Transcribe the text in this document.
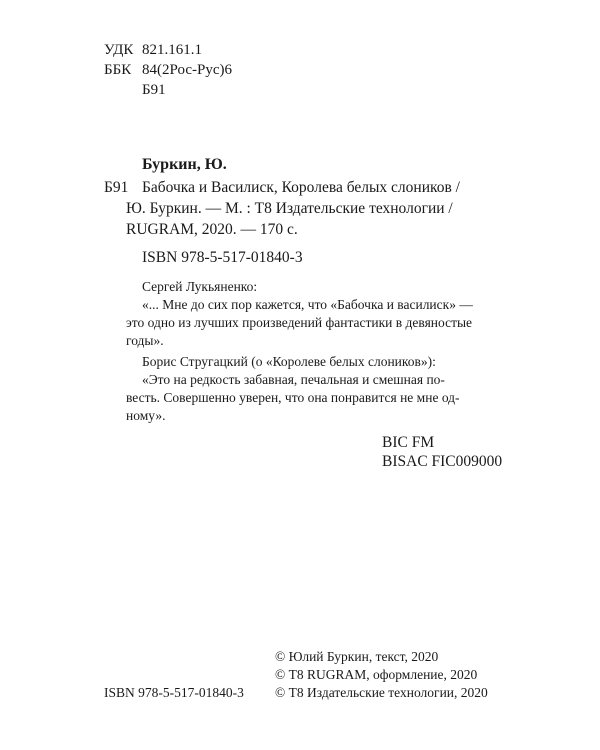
УДК 821.161.1
ББК 84(2Рос-Рус)6
Б91
Буркин, Ю.
Б91 Бабочка и Василиск, Королева белых слоников /
Ю. Буркин. — М. : Т8 Издательские технологии /
RUGRAM, 2020. — 170 с.
ISBN 978-5-517-01840-3
Сергей Лукьяненко:
«... Мне до сих пор кажется, что «Бабочка и василиск» —
это одно из лучших произведений фантастики в девяностые
годы».
Борис Стругацкий (о «Королеве белых слоников»):
«Это на редкость забавная, печальная и смешная по-
весть. Совершенно уверен, что она понравится не мне од-
ному».
BIC FM
BISAC FIC009000
© Юлий Буркин, текст, 2020
© Т8 RUGRAM, оформление, 2020
ISBN 978-5-517-01840-3 © Т8 Издательские технологии, 2020
